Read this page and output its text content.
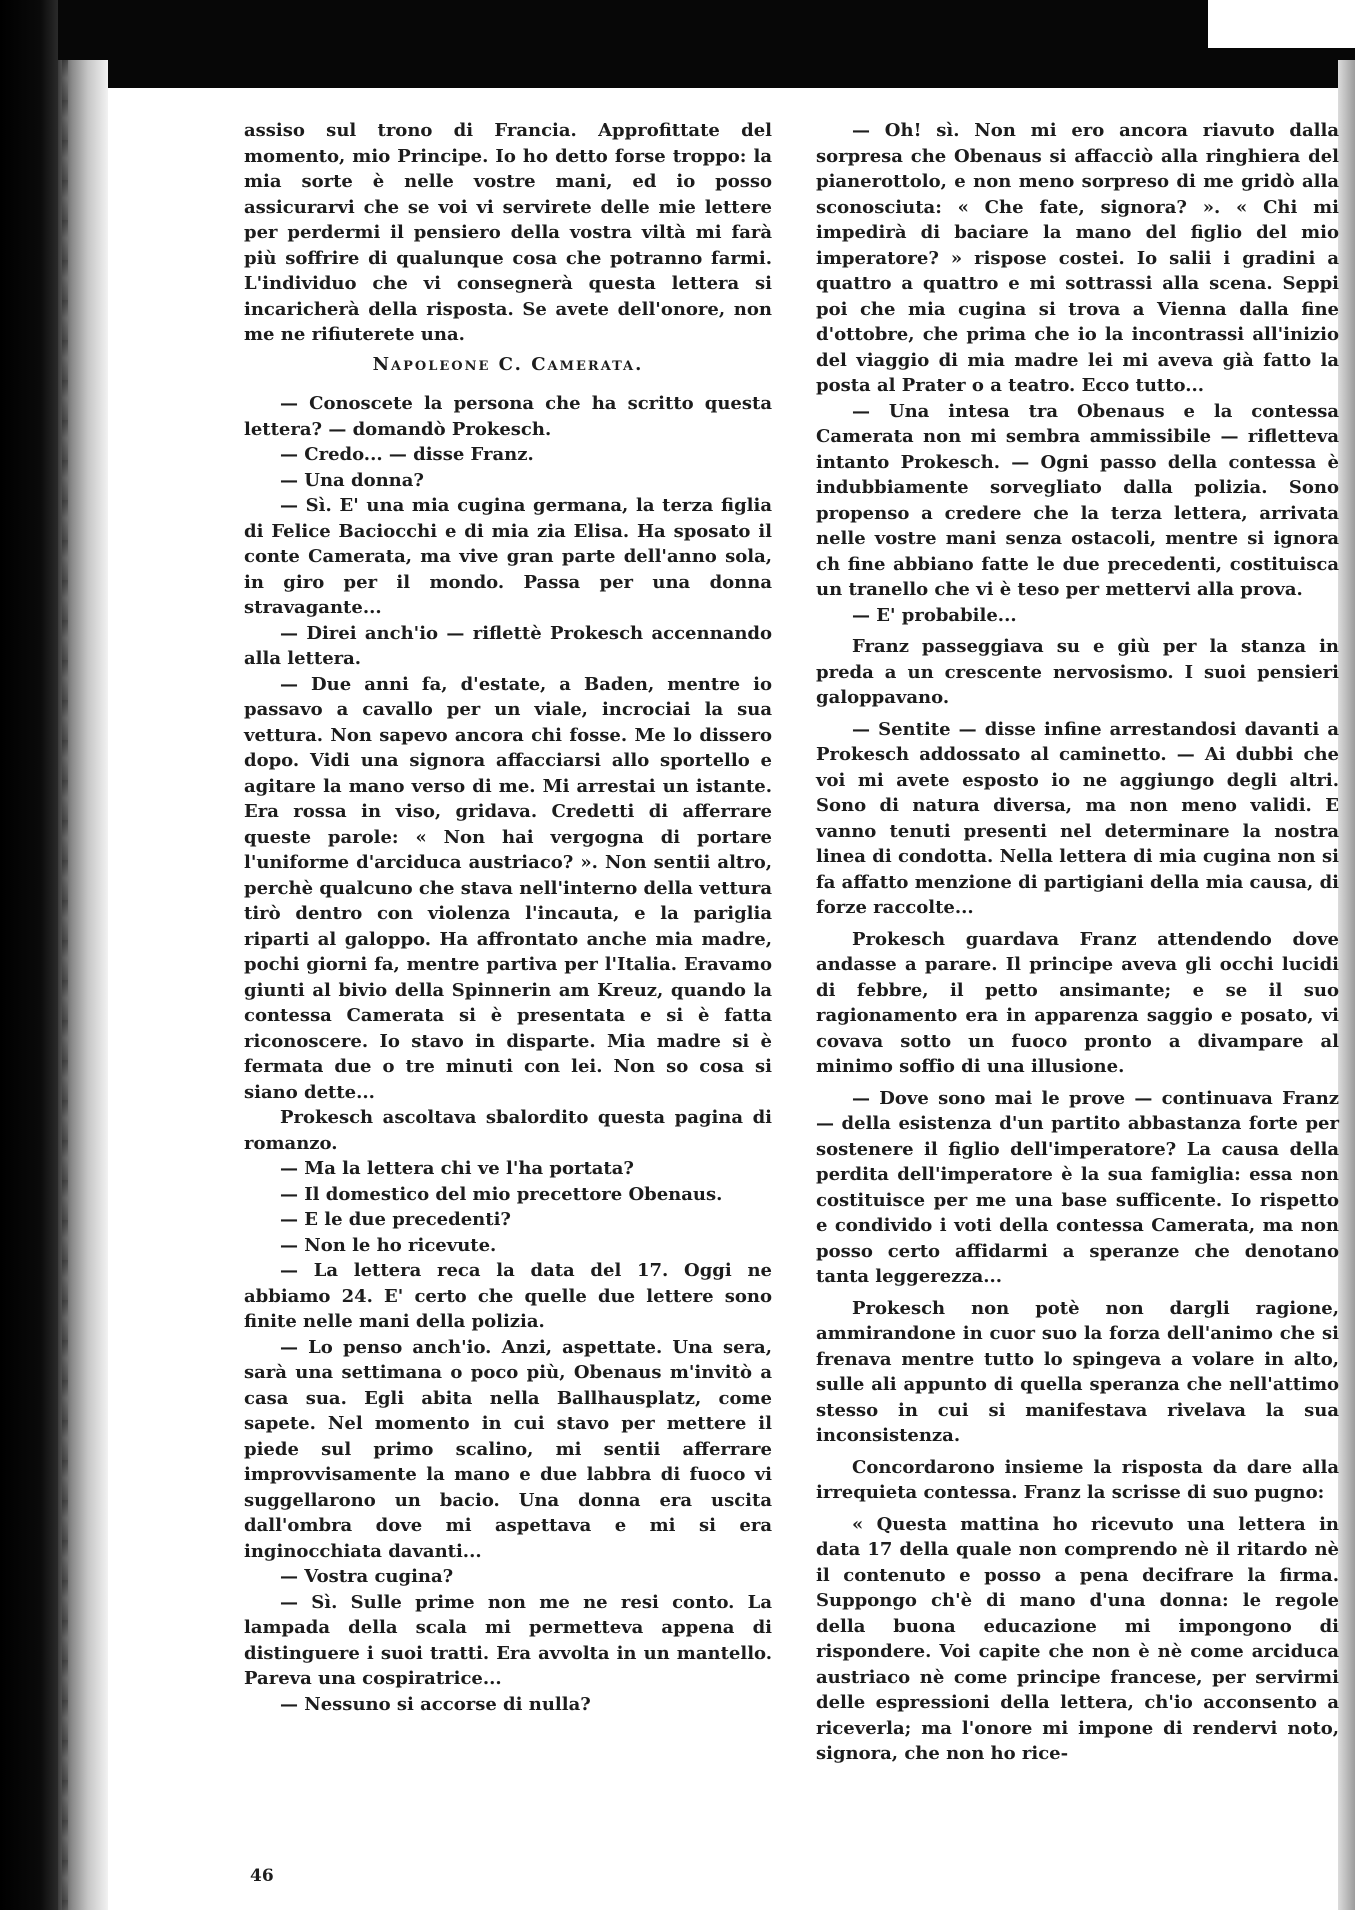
assiso sul trono di Francia. Approfittate del momento, mio Principe. Io ho detto forse troppo: la mia sorte è nelle vostre mani, ed io posso assicurarvi che se voi vi servirete delle mie lettere per perdermi il pensiero della vostra viltà mi farà più soffrire di qualunque cosa che potranno farmi. L'individuo che vi consegnerà questa lettera si incaricherà della risposta. Se avete dell'onore, non me ne rifiuterete una.

Napoleone C. Camerata.

— Conoscete la persona che ha scritto questa lettera? — domandò Prokesch.

— Credo... — disse Franz.

— Una donna?

— Sì. E' una mia cugina germana, la terza figlia di Felice Baciocchi e di mia zia Elisa. Ha sposato il conte Camerata, ma vive gran parte dell'anno sola, in giro per il mondo. Passa per una donna stravagante...

— Direi anch'io — riflettè Prokesch accennando alla lettera.

— Due anni fa, d'estate, a Baden, mentre io passavo a cavallo per un viale, incrociai la sua vettura. Non sapevo ancora chi fosse. Me lo dissero dopo. Vidi una signora affacciarsi allo sportello e agitare la mano verso di me. Mi arrestai un istante. Era rossa in viso, gridava. Credetti di afferrare queste parole: « Non hai vergogna di portare l'uniforme d'arciduca austriaco? ». Non sentii altro, perchè qualcuno che stava nell'interno della vettura tirò dentro con violenza l'incauta, e la pariglia riparti al galoppo. Ha affrontato anche mia madre, pochi giorni fa, mentre partiva per l'Italia. Eravamo giunti al bivio della Spinnerin am Kreuz, quando la contessa Camerata si è presentata e si è fatta riconoscere. Io stavo in disparte. Mia madre si è fermata due o tre minuti con lei. Non so cosa si siano dette...

Prokesch ascoltava sbalordito questa pagina di romanzo.

— Ma la lettera chi ve l'ha portata?

— Il domestico del mio precettore Obenaus.

— E le due precedenti?

— Non le ho ricevute.

— La lettera reca la data del 17. Oggi ne abbiamo 24. E' certo che quelle due lettere sono finite nelle mani della polizia.

— Lo penso anch'io. Anzi, aspettate. Una sera, sarà una settimana o poco più, Obenaus m'invitò a casa sua. Egli abita nella Ballhausplatz, come sapete. Nel momento in cui stavo per mettere il piede sul primo scalino, mi sentii afferrare improvvisamente la mano e due labbra di fuoco vi suggellarono un bacio. Una donna era uscita dall'ombra dove mi aspettava e mi si era inginocchiata davanti...

— Vostra cugina?

— Sì. Sulle prime non me ne resi conto. La lampada della scala mi permetteva appena di distinguere i suoi tratti. Era avvolta in un mantello. Pareva una cospiratrice...

— Nessuno si accorse di nulla?

— Oh! sì. Non mi ero ancora riavuto dalla sorpresa che Obenaus si affacciò alla ringhiera del pianerottolo, e non meno sorpreso di me gridò alla sconosciuta: « Che fate, signora? ». « Chi mi impedirà di baciare la mano del figlio del mio imperatore? » rispose costei. Io salii i gradini a quattro a quattro e mi sottrassi alla scena. Seppi poi che mia cugina si trova a Vienna dalla fine d'ottobre, che prima che io la incontrassi all'inizio del viaggio di mia madre lei mi aveva già fatto la posta al Prater o a teatro. Ecco tutto...

— Una intesa tra Obenaus e la contessa Camerata non mi sembra ammissibile — rifletteva intanto Prokesch. — Ogni passo della contessa è indubbiamente sorvegliato dalla polizia. Sono propenso a credere che la terza lettera, arrivata nelle vostre mani senza ostacoli, mentre si ignora ch fine abbiano fatte le due precedenti, costituisca un tranello che vi è teso per mettervi alla prova.

— E' probabile...

Franz passeggiava su e giù per la stanza in preda a un crescente nervosismo. I suoi pensieri galoppavano.

— Sentite — disse infine arrestandosi davanti a Prokesch addossato al caminetto. — Ai dubbi che voi mi avete esposto io ne aggiungo degli altri. Sono di natura diversa, ma non meno validi. E vanno tenuti presenti nel determinare la nostra linea di condotta. Nella lettera di mia cugina non si fa affatto menzione di partigiani della mia causa, di forze raccolte...

Prokesch guardava Franz attendendo dove andasse a parare. Il principe aveva gli occhi lucidi di febbre, il petto ansimante; e se il suo ragionamento era in apparenza saggio e posato, vi covava sotto un fuoco pronto a divampare al minimo soffio di una illusione.

— Dove sono mai le prove — continuava Franz — della esistenza d'un partito abbastanza forte per sostenere il figlio dell'imperatore? La causa della perdita dell'imperatore è la sua famiglia: essa non costituisce per me una base sufficente. Io rispetto e condivido i voti della contessa Camerata, ma non posso certo affidarmi a speranze che denotano tanta leggerezza...

Prokesch non potè non dargli ragione, ammirandone in cuor suo la forza dell'animo che si frenava mentre tutto lo spingeva a volare in alto, sulle ali appunto di quella speranza che nell'attimo stesso in cui si manifestava rivelava la sua inconsistenza.

Concordarono insieme la risposta da dare alla irrequieta contessa. Franz la scrisse di suo pugno:

« Questa mattina ho ricevuto una lettera in data 17 della quale non comprendo nè il ritardo nè il contenuto e posso a pena decifrare la firma. Suppongo ch'è di mano d'una donna: le regole della buona educazione mi impongono di rispondere. Voi capite che non è nè come arciduca austriaco nè come principe francese, per servirmi delle espressioni della lettera, ch'io acconsento a riceverla; ma l'onore mi impone di rendervi noto, signora, che non ho rice-

46
